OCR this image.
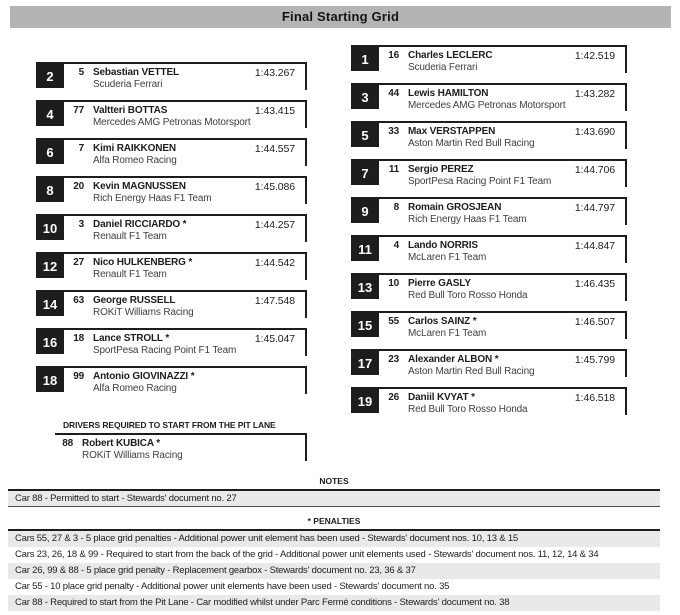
Final Starting Grid
1	16 Charles LECLERC
Scuderia Ferrari
1:42.519
3	44 Lewis HAMILTON
Mercedes AMG Petronas Motorsport
1:43.282
5	33 Max VERSTAPPEN
Aston Martin Red Bull Racing
1:43.690
7	11 Sergio PEREZ
SportPesa Racing Point F1 Team
1:44.706
9	8 Romain GROSJEAN
Rich Energy Haas F1 Team
1:44.797
11	4 Lando NORRIS
McLaren F1 Team
1:44.847
13	10 Pierre GASLY
Red Bull Toro Rosso Honda
1:46.435
15	55 Carlos SAINZ *
McLaren F1 Team
1:46.507
17	23 Alexander ALBON *
Aston Martin Red Bull Racing
1:45.799
19	26 Daniil KVYAT *
Red Bull Toro Rosso Honda
1:46.518
2	5 Sebastian VETTEL
Scuderia Ferrari
1:43.267
4	77 Valtteri BOTTAS
Mercedes AMG Petronas Motorsport
1:43.415
6	7 Kimi RAIKKONEN
Alfa Romeo Racing
1:44.557
8	20 Kevin MAGNUSSEN
Rich Energy Haas F1 Team
1:45.086
10	3 Daniel RICCIARDO *
Renault F1 Team
1:44.257
12	27 Nico HULKENBERG *
Renault F1 Team
1:44.542
14	63 George RUSSELL
ROKiT Williams Racing
1:47.548
16	18 Lance STROLL *
SportPesa Racing Point F1 Team
1:45.047
18	99 Antonio GIOVINAZZI *
Alfa Romeo Racing
DRIVERS REQUIRED TO START FROM THE PIT LANE
88 Robert KUBICA *
ROKiT Williams Racing
NOTES
Car 88 - Permitted to start - Stewards' document no. 27
* PENALTIES
Cars 55, 27 & 3 - 5 place grid penalties - Additional power unit element has been used - Stewards' document nos. 10, 13 & 15
Cars 23, 26, 18 & 99 - Required to start from the back of the grid - Additional power unit elements used - Stewards' document nos. 11, 12, 14 & 34
Car 26, 99 & 88 - 5 place grid penalty - Replacement gearbox - Stewards' document no. 23, 36 & 37
Car 55 - 10 place grid penalty - Additional power unit elements have been used - Stewards' document no. 35
Car 88 - Required to start from the Pit Lane - Car modified whilst under Parc Fermé conditions - Stewards' document no. 38
